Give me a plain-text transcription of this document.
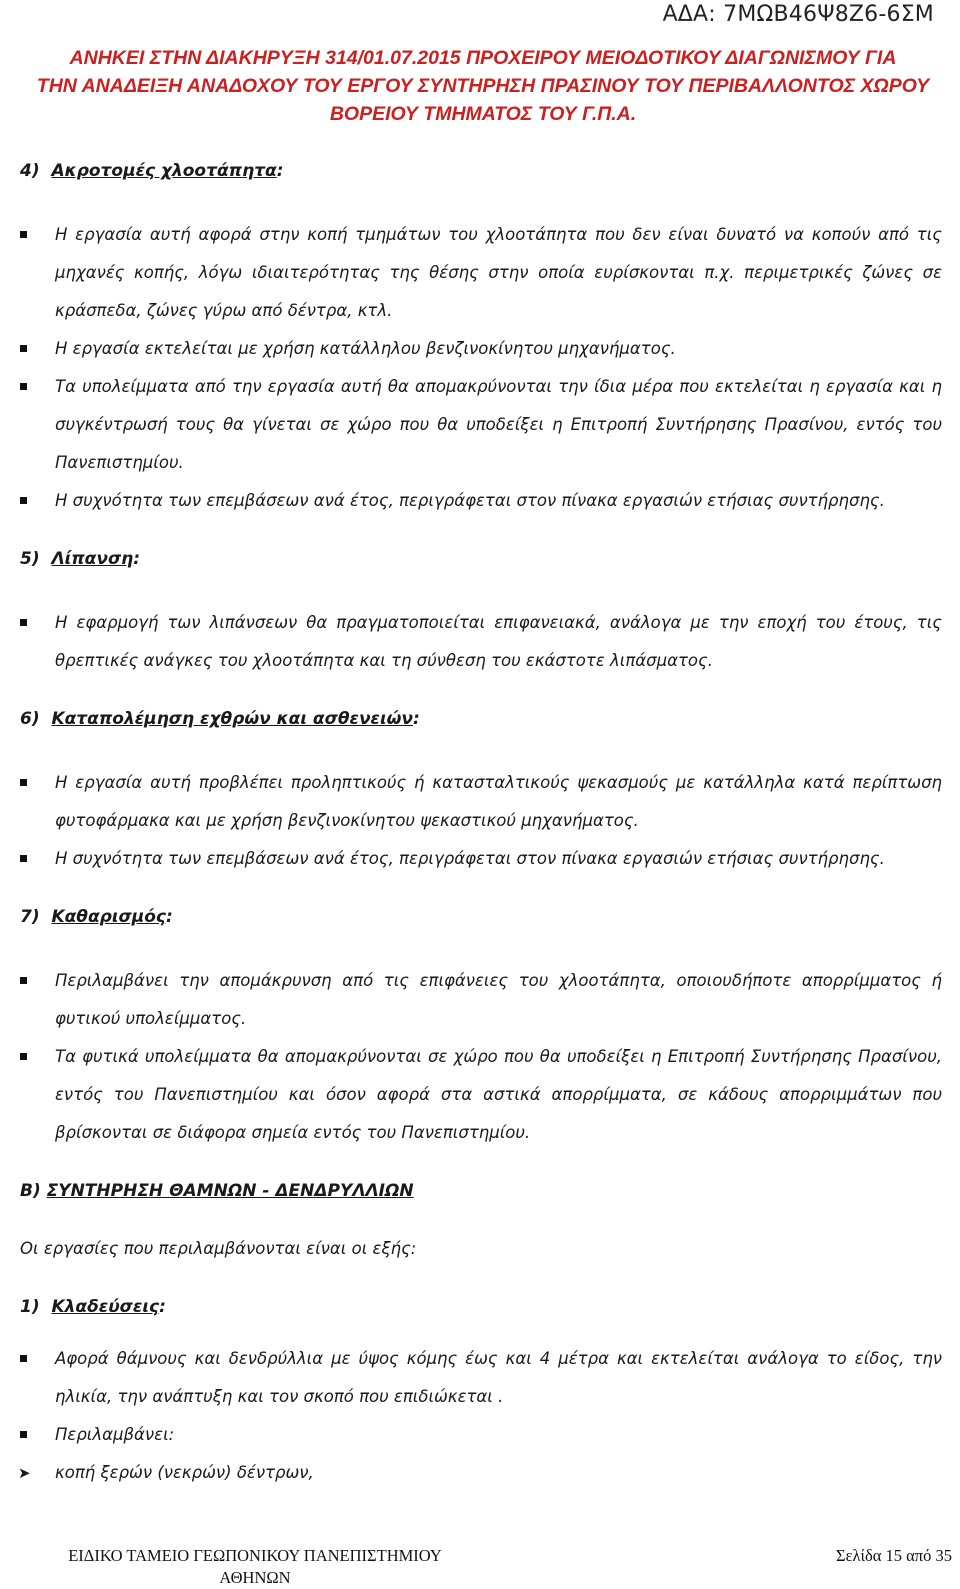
ΑΔΑ: 7ΜΩΒ46Ψ8Ζ6-6ΣΜ
ΑΝΗΚΕΙ ΣΤΗΝ ΔΙΑΚΗΡΥΞΗ 314/01.07.2015 ΠΡΟΧΕΙΡΟΥ ΜΕΙΟΔΟΤΙΚΟΥ ΔΙΑΓΩΝΙΣΜΟΥ ΓΙΑ
ΤΗΝ ΑΝΑΔΕΙΞΗ ΑΝΑΔΟΧΟΥ ΤΟΥ ΕΡΓΟΥ ΣΥΝΤΗΡΗΣΗ ΠΡΑΣΙΝΟΥ ΤΟΥ ΠΕΡΙΒΑΛΛΟΝΤΟΣ ΧΩΡΟΥ
ΒΟΡΕΙΟΥ ΤΜΗΜΑΤΟΣ ΤΟΥ Γ.Π.Α.
4) Ακροτομές χλοοτάπητα:
Η εργασία αυτή αφορά στην κοπή τμημάτων του χλοοτάπητα που δεν είναι δυνατό να κοπούν από τις μηχανές κοπής, λόγω ιδιαιτερότητας της θέσης στην οποία ευρίσκονται π.χ. περιμετρικές ζώνες σε κράσπεδα, ζώνες γύρω από δέντρα, κτλ.
Η εργασία εκτελείται με χρήση κατάλληλου βενζινοκίνητου μηχανήματος.
Τα υπολείμματα από την εργασία αυτή θα απομακρύνονται την ίδια μέρα που εκτελείται η εργασία και η συγκέντρωσή τους θα γίνεται σε χώρο που θα υποδείξει η Επιτροπή Συντήρησης Πρασίνου, εντός του Πανεπιστημίου.
Η συχνότητα των επεμβάσεων ανά έτος, περιγράφεται στον πίνακα εργασιών ετήσιας συντήρησης.
5) Λίπανση:
Η εφαρμογή των λιπάνσεων θα πραγματοποιείται επιφανειακά, ανάλογα με την εποχή του έτους, τις θρεπτικές ανάγκες του χλοοτάπητα και τη σύνθεση του εκάστοτε λιπάσματος.
6) Καταπολέμηση εχθρών και ασθενειών:
Η εργασία αυτή προβλέπει προληπτικούς ή κατασταλτικούς ψεκασμούς με κατάλληλα κατά περίπτωση φυτοφάρμακα και με χρήση βενζινοκίνητου ψεκαστικού μηχανήματος.
Η συχνότητα των επεμβάσεων ανά έτος, περιγράφεται στον πίνακα εργασιών ετήσιας συντήρησης.
7) Καθαρισμός:
Περιλαμβάνει την απομάκρυνση από τις επιφάνειες του χλοοτάπητα, οποιουδήποτε απορρίμματος ή φυτικού υπολείμματος.
Τα φυτικά υπολείμματα θα απομακρύνονται σε χώρο που θα υποδείξει η Επιτροπή Συντήρησης Πρασίνου, εντός του Πανεπιστημίου και όσον αφορά στα αστικά απορρίμματα, σε κάδους απορριμμάτων που βρίσκονται σε διάφορα σημεία εντός του Πανεπιστημίου.
Β) ΣΥΝΤΗΡΗΣΗ ΘΑΜΝΩΝ - ΔΕΝΔΡΥΛΛΙΩΝ

Οι εργασίες που περιλαμβάνονται είναι οι εξής:

1) Κλαδεύσεις:
Αφορά θάμνους και δενδρύλλια με ύψος κόμης έως και 4 μέτρα και εκτελείται ανάλογα το είδος, την ηλικία, την ανάπτυξη και τον σκοπό που επιδιώκεται .
Περιλαμβάνει:
➤ κοπή ξερών (νεκρών) δέντρων,
ΕΙΔΙΚΟ ΤΑΜΕΙΟ ΓΕΩΠΟΝΙΚΟΥ ΠΑΝΕΠΙΣΤΗΜΙΟΥ
ΑΘΗΝΩΝ
Σελίδα 15 από 35
